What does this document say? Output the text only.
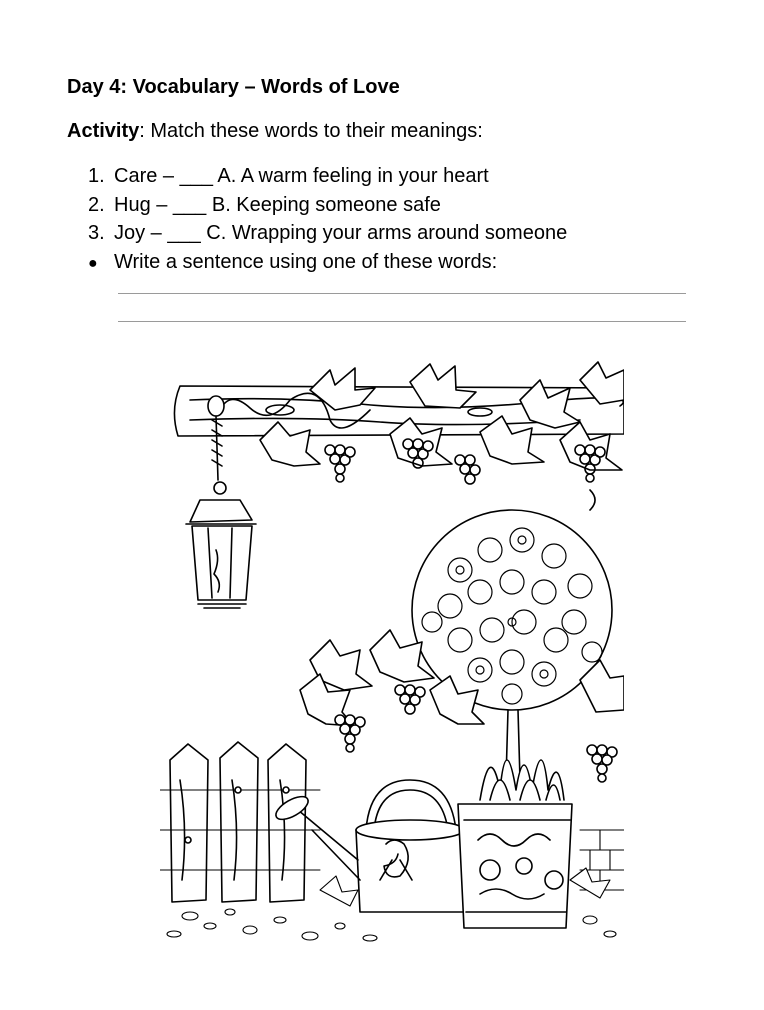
Day 4: Vocabulary – Words of Love

Activity: Match these words to their meanings:

1. Care – ___ A. A warm feeling in your heart
2. Hug – ___ B. Keeping someone safe
3. Joy – ___ C. Wrapping your arms around someone
● Write a sentence using one of these words:
